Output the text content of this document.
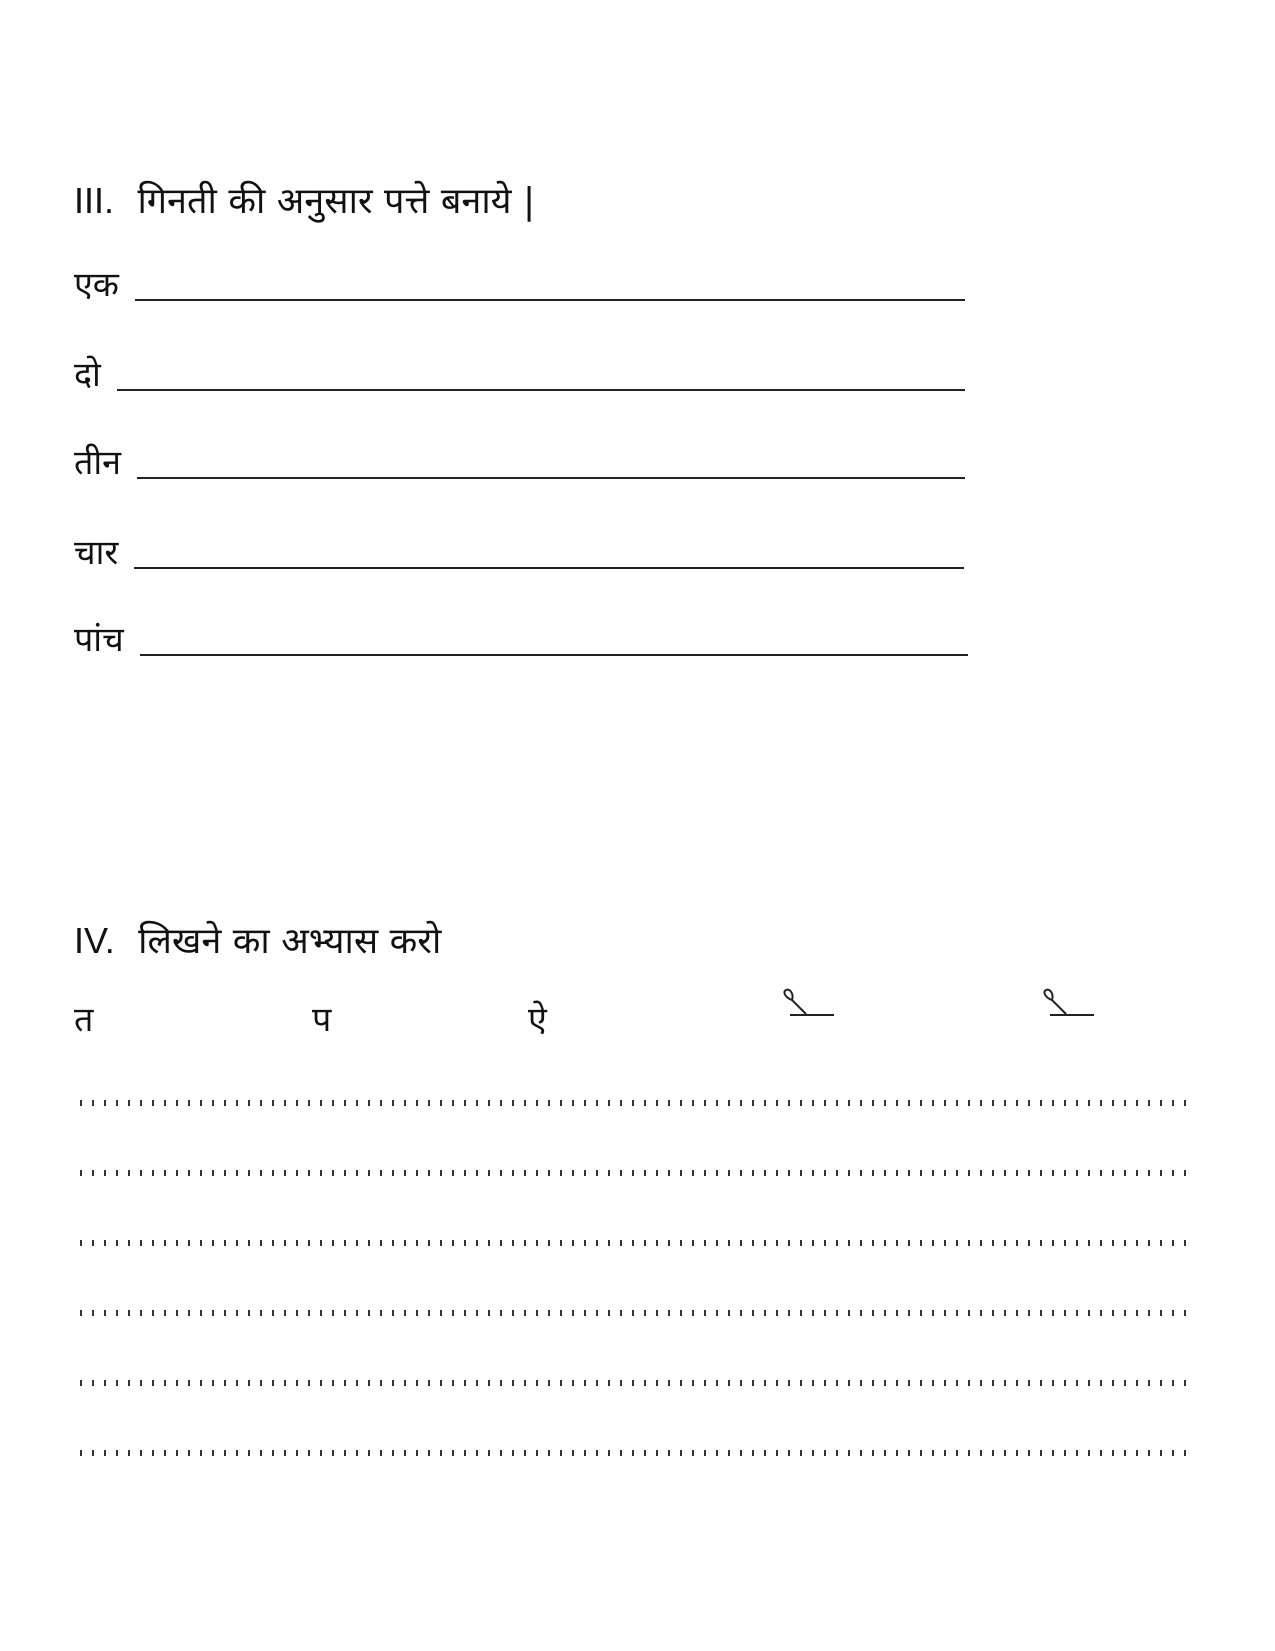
III. गिनती की अनुसार पत्ते बनाये |
एक
दो
तीन
चार
पांच
IV. लिखने का अभ्यास करो
त	प	ऐ
